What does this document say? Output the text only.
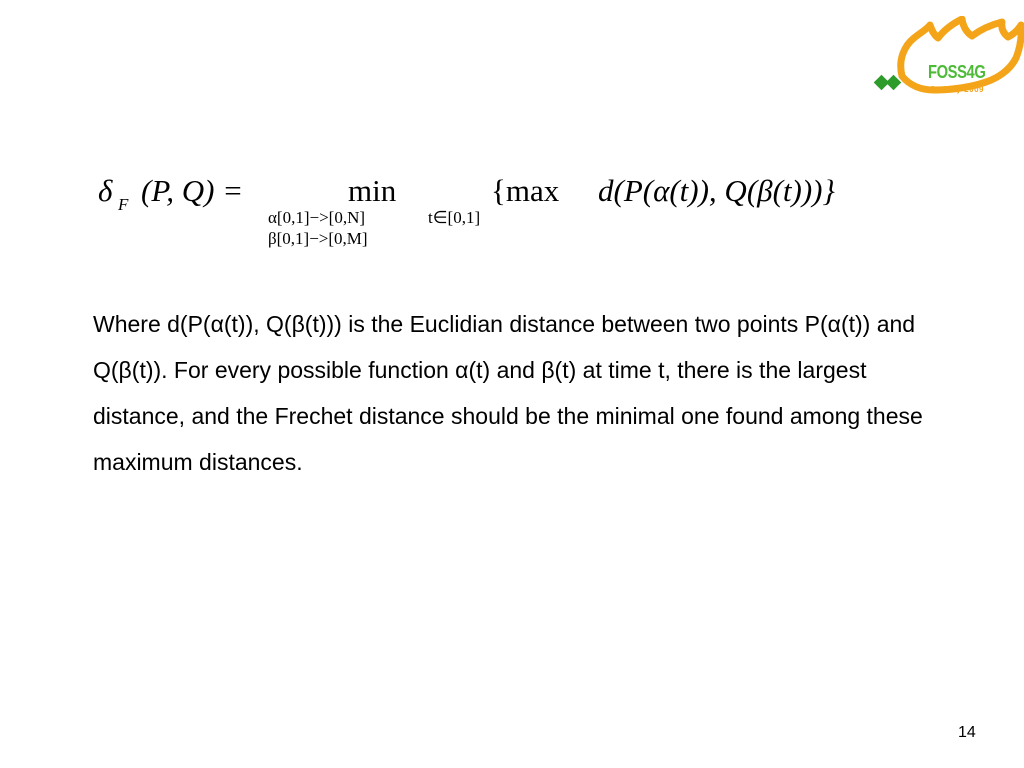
FOSS4G
Sydney 2009
δ F (P, Q) =	min
α[0,1]−>[0,N]
β[0,1]−>[0,M]
{max
t∈[0,1]
d(P(α(t)), Q(β(t)))}

Where d(P(α(t)), Q(β(t))) is the Euclidian distance between two points P(α(t)) and Q(β(t)). For every possible function α(t) and β(t) at time t, there is the largest distance, and the Frechet distance should be the minimal one found among these maximum distances.

14
